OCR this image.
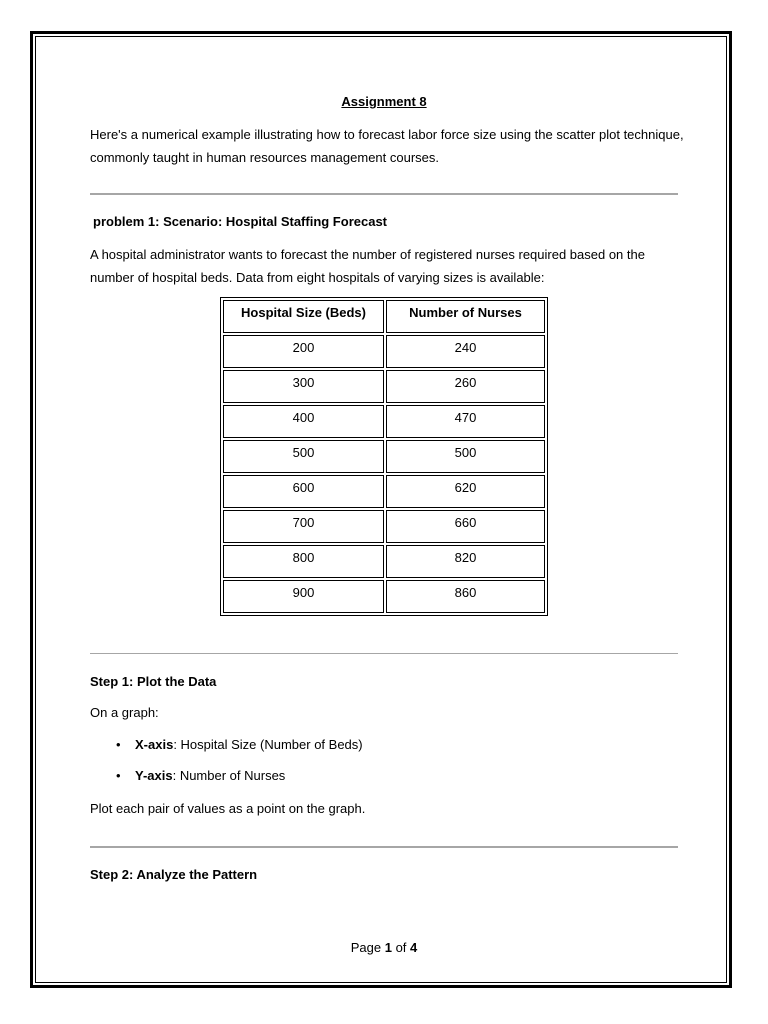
Assignment 8

Here's a numerical example illustrating how to forecast labor force size using the scatter plot technique, commonly taught in human resources management courses.

problem 1: Scenario: Hospital Staffing Forecast

A hospital administrator wants to forecast the number of registered nurses required based on the number of hospital beds. Data from eight hospitals of varying sizes is available:

Hospital Size (Beds)	Number of Nurses
200	240
300	260
400	470
500	500
600	620
700	660
800	820
900	860

Step 1: Plot the Data

On a graph:

• X-axis: Hospital Size (Number of Beds)
• Y-axis: Number of Nurses

Plot each pair of values as a point on the graph.

Step 2: Analyze the Pattern

Page 1 of 4
